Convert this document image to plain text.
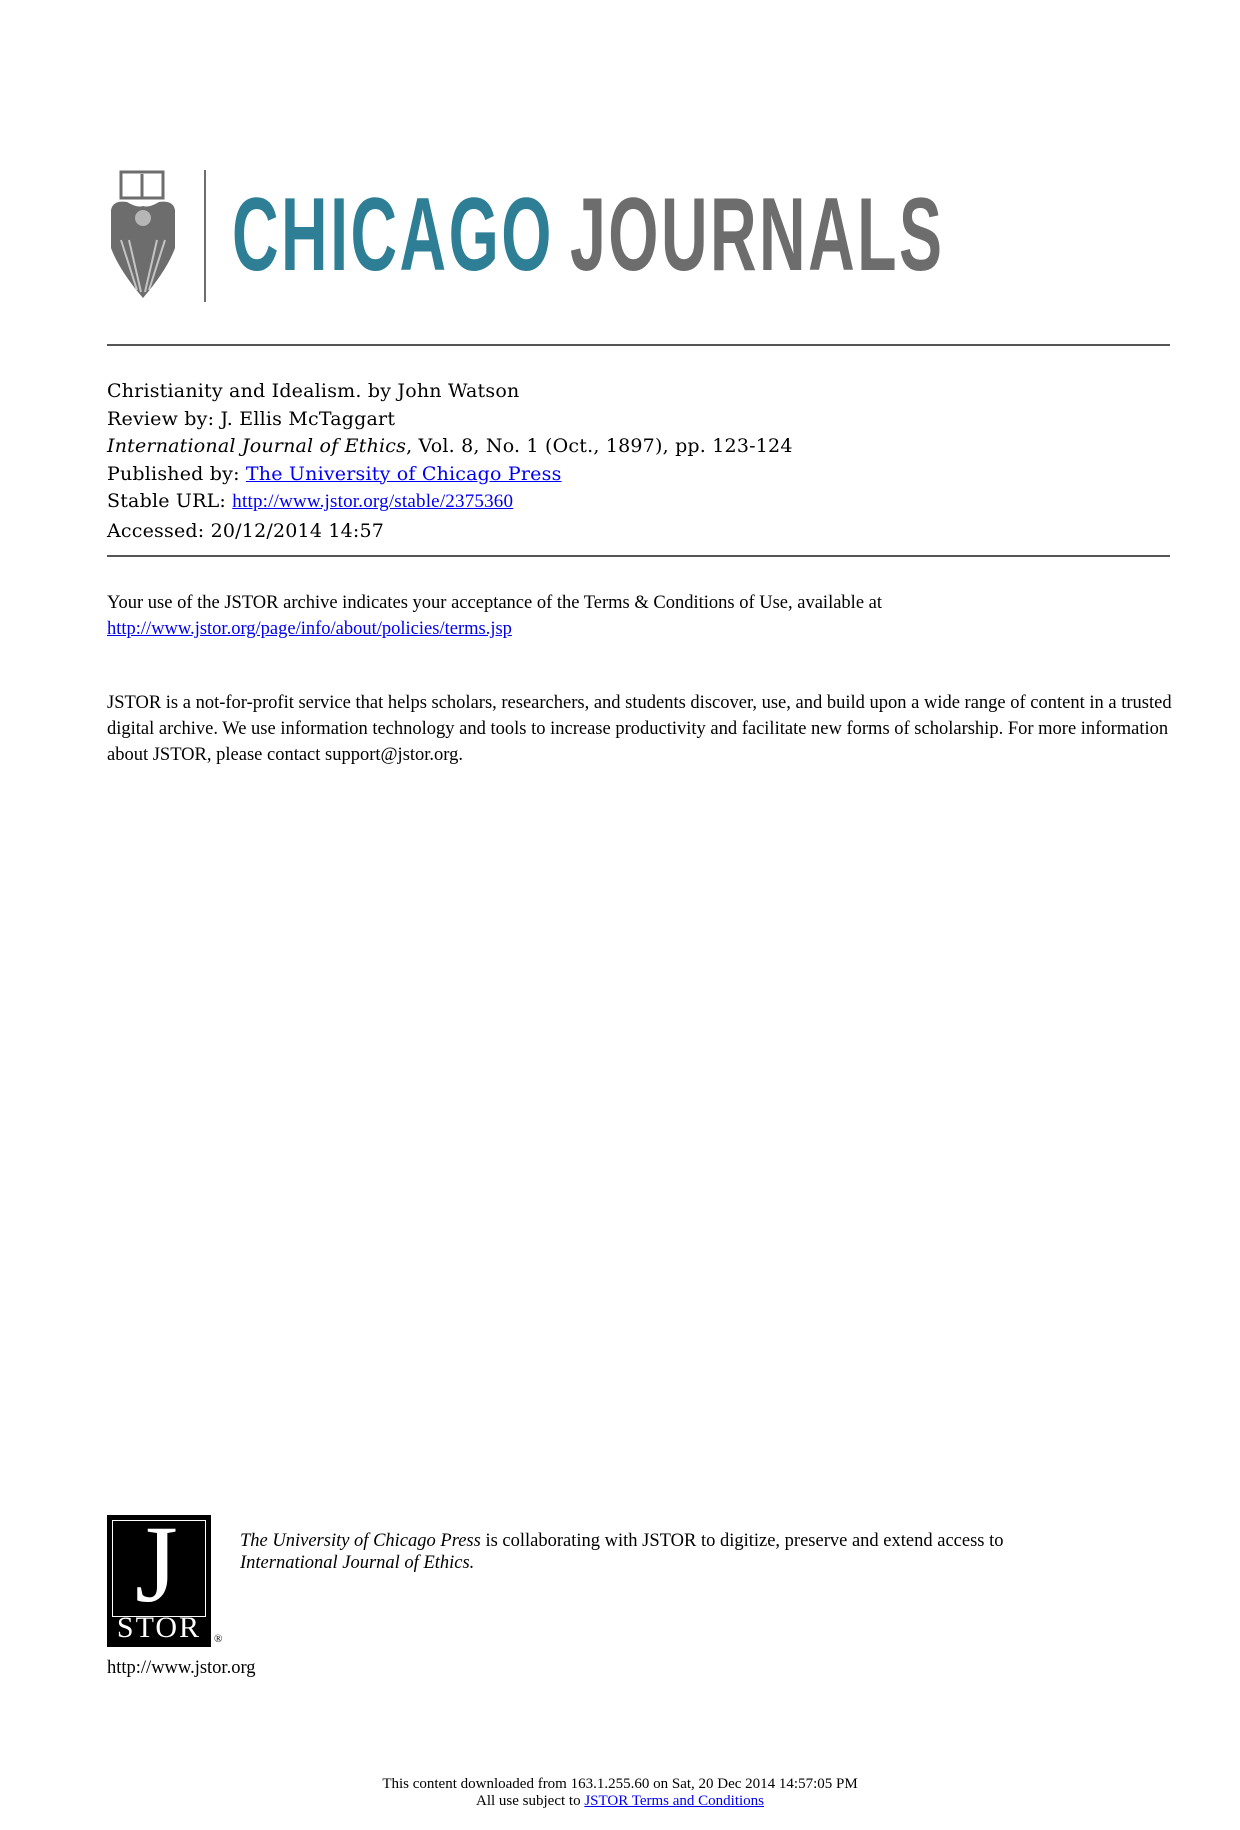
CHICAGO JOURNALS
Christianity and Idealism. by John Watson
Review by: J. Ellis McTaggart
International Journal of Ethics, Vol. 8, No. 1 (Oct., 1897), pp. 123-124
Published by: The University of Chicago Press
Stable URL: http://www.jstor.org/stable/2375360
Accessed: 20/12/2014 14:57
Your use of the JSTOR archive indicates your acceptance of the Terms & Conditions of Use, available at
http://www.jstor.org/page/info/about/policies/terms.jsp
JSTOR is a not-for-profit service that helps scholars, researchers, and students discover, use, and build upon a wide range of content in a trusted digital archive. We use information technology and tools to increase productivity and facilitate new forms of scholarship. For more information about JSTOR, please contact support@jstor.org.
J
STOR	®
http://www.jstor.org
The University of Chicago Press is collaborating with JSTOR to digitize, preserve and extend access to
International Journal of Ethics.
This content downloaded from 163.1.255.60 on Sat, 20 Dec 2014 14:57:05 PM
All use subject to JSTOR Terms and Conditions
